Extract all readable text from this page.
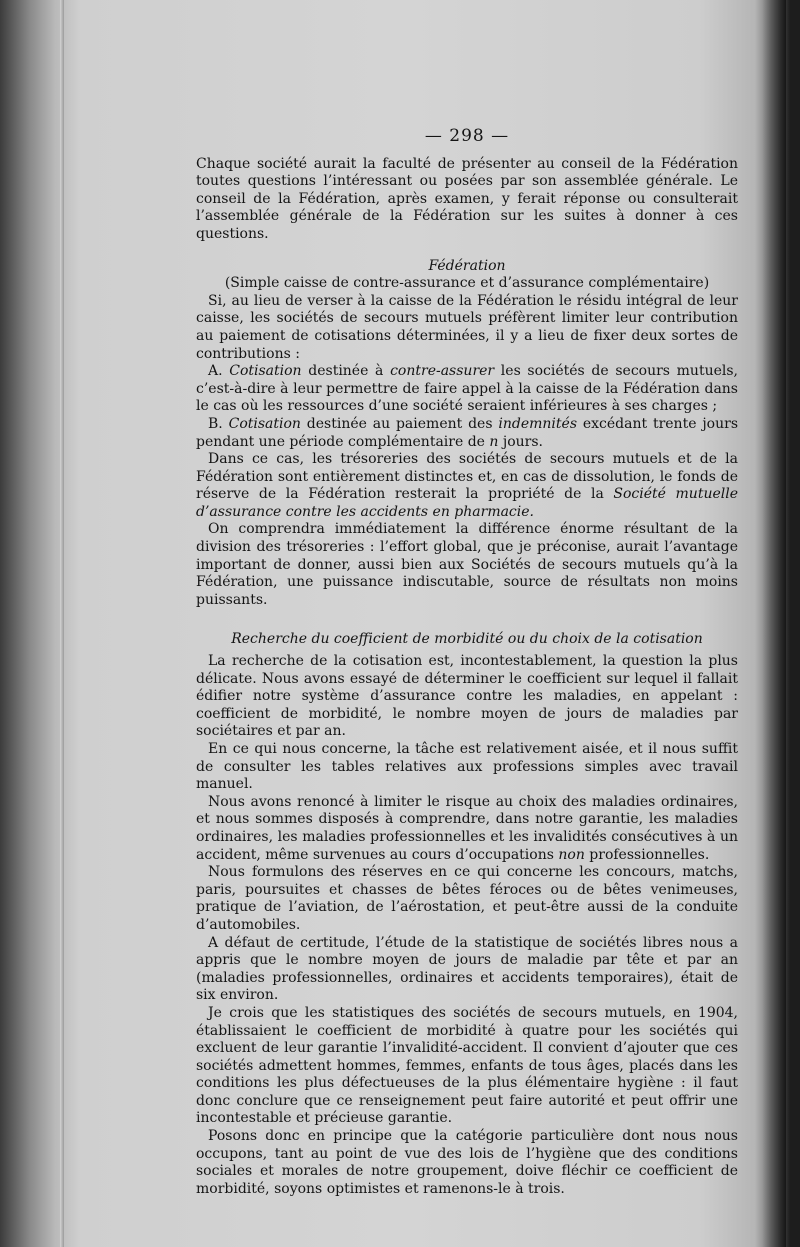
— 298 —

Chaque société aurait la faculté de présenter au conseil de la Fédération toutes questions l’intéressant ou posées par son assemblée générale. Le conseil de la Fédération, après examen, y ferait réponse ou consulterait l’assemblée générale de la Fédération sur les suites à donner à ces questions.

Fédération
(Simple caisse de contre-assurance et d’assurance complémentaire)

Si, au lieu de verser à la caisse de la Fédération le résidu intégral de leur caisse, les sociétés de secours mutuels préfèrent limiter leur contribution au paiement de cotisations déterminées, il y a lieu de fixer deux sortes de contributions :

A. Cotisation destinée à contre-assurer les sociétés de secours mutuels, c’est-à-dire à leur permettre de faire appel à la caisse de la Fédération dans le cas où les ressources d’une société seraient inférieures à ses charges ;

B. Cotisation destinée au paiement des indemnités excédant trente jours pendant une période complémentaire de n jours.

Dans ce cas, les trésoreries des sociétés de secours mutuels et de la Fédération sont entièrement distinctes et, en cas de dissolution, le fonds de réserve de la Fédération resterait la propriété de la Société mutuelle d’assurance contre les accidents en pharmacie.

On comprendra immédiatement la différence énorme résultant de la division des trésoreries : l’effort global, que je préconise, aurait l’avantage important de donner, aussi bien aux Sociétés de secours mutuels qu’à la Fédération, une puissance indiscutable, source de résultats non moins puissants.

Recherche du coefficient de morbidité ou du choix de la cotisation

La recherche de la cotisation est, incontestablement, la question la plus délicate. Nous avons essayé de déterminer le coefficient sur lequel il fallait édifier notre système d’assurance contre les maladies, en appelant : coefficient de morbidité, le nombre moyen de jours de maladies par sociétaires et par an.

En ce qui nous concerne, la tâche est relativement aisée, et il nous suffit de consulter les tables relatives aux professions simples avec travail manuel.

Nous avons renoncé à limiter le risque au choix des maladies ordinaires, et nous sommes disposés à comprendre, dans notre garantie, les maladies ordinaires, les maladies professionnelles et les invalidités consécutives à un accident, même survenues au cours d’occupations non professionnelles.

Nous formulons des réserves en ce qui concerne les concours, matchs, paris, poursuites et chasses de bêtes féroces ou de bêtes venimeuses, pratique de l’aviation, de l’aérostation, et peut-être aussi de la conduite d’automobiles.

A défaut de certitude, l’étude de la statistique de sociétés libres nous a appris que le nombre moyen de jours de maladie par tête et par an (maladies professionnelles, ordinaires et accidents temporaires), était de six environ.

Je crois que les statistiques des sociétés de secours mutuels, en 1904, établissaient le coefficient de morbidité à quatre pour les sociétés qui excluent de leur garantie l’invalidité-accident. Il convient d’ajouter que ces sociétés admettent hommes, femmes, enfants de tous âges, placés dans les conditions les plus défectueuses de la plus élémentaire hygiène : il faut donc conclure que ce renseignement peut faire autorité et peut offrir une incontestable et précieuse garantie.

Posons donc en principe que la catégorie particulière dont nous nous occupons, tant au point de vue des lois de l’hygiène que des conditions sociales et morales de notre groupement, doive fléchir ce coefficient de morbidité, soyons optimistes et ramenons-le à trois.
